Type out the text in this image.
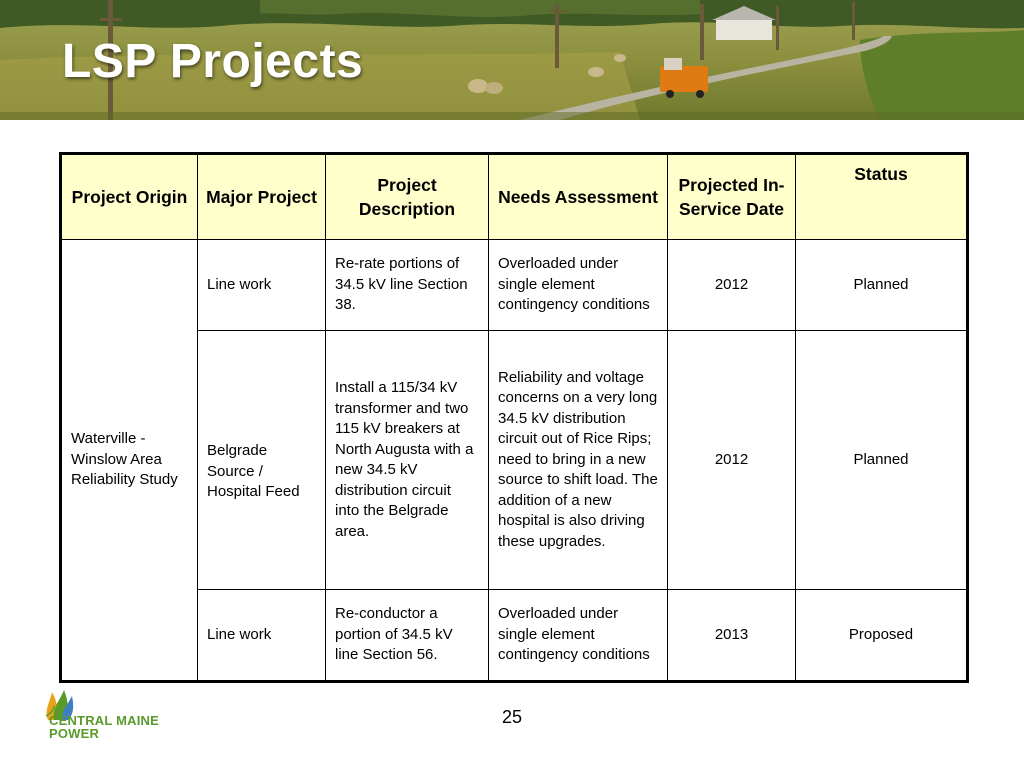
LSP Projects
Project Origin	Major Project	Project Description	Needs Assessment	Projected In-Service Date	Status
Waterville - Winslow Area Reliability Study	Line work	Re-rate portions of 34.5 kV line Section 38.	Overloaded under single element contingency conditions	2012	Planned
	Belgrade Source / Hospital Feed	Install a 115/34 kV transformer and two 115 kV breakers at North Augusta with a new 34.5 kV distribution circuit into the Belgrade area.	Reliability and voltage concerns on a very long 34.5 kV distribution circuit out of Rice Rips; need to bring in a new source to shift load. The addition of a new hospital is also driving these upgrades.	2012	Planned
	Line work	Re-conductor a portion of 34.5 kV line Section 56.	Overloaded under single element contingency conditions	2013	Proposed
CENTRAL MAINE
POWER
25
